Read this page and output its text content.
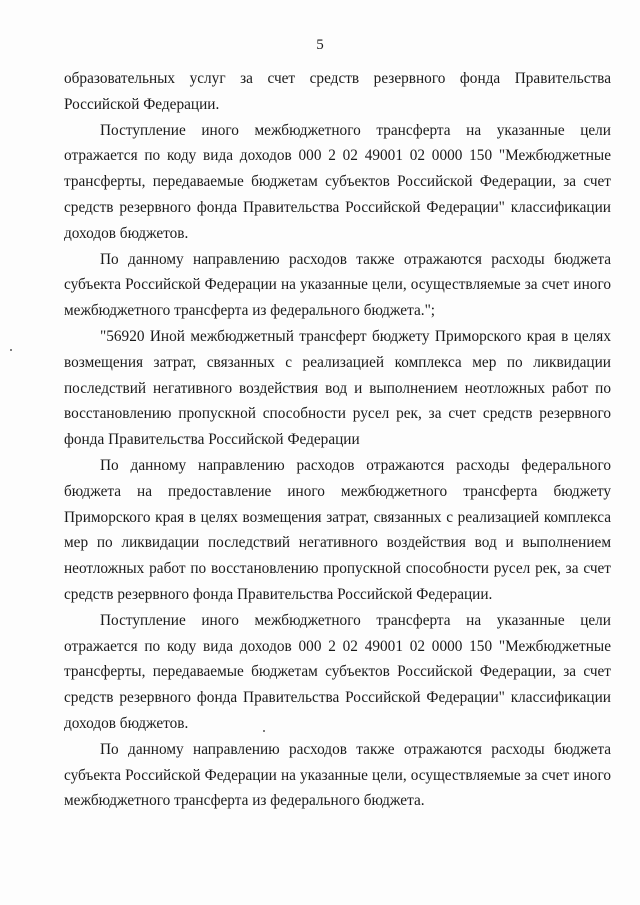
5

образовательных услуг за счет средств резервного фонда Правительства Российской Федерации.

Поступление иного межбюджетного трансферта на указанные цели отражается по коду вида доходов 000 2 02 49001 02 0000 150 "Межбюджетные трансферты, передаваемые бюджетам субъектов Российской Федерации, за счет средств резервного фонда Правительства Российской Федерации" классификации доходов бюджетов.

По данному направлению расходов также отражаются расходы бюджета субъекта Российской Федерации на указанные цели, осуществляемые за счет иного межбюджетного трансферта из федерального бюджета.";

"56920 Иной межбюджетный трансферт бюджету Приморского края в целях возмещения затрат, связанных с реализацией комплекса мер по ликвидации последствий негативного воздействия вод и выполнением неотложных работ по восстановлению пропускной способности русел рек, за счет средств резервного фонда Правительства Российской Федерации

По данному направлению расходов отражаются расходы федерального бюджета на предоставление иного межбюджетного трансферта бюджету Приморского края в целях возмещения затрат, связанных с реализацией комплекса мер по ликвидации последствий негативного воздействия вод и выполнением неотложных работ по восстановлению пропускной способности русел рек, за счет средств резервного фонда Правительства Российской Федерации.

Поступление иного межбюджетного трансферта на указанные цели отражается по коду вида доходов 000 2 02 49001 02 0000 150 "Межбюджетные трансферты, передаваемые бюджетам субъектов Российской Федерации, за счет средств резервного фонда Правительства Российской Федерации" классификации доходов бюджетов.

По данному направлению расходов также отражаются расходы бюджета субъекта Российской Федерации на указанные цели, осуществляемые за счет иного межбюджетного трансферта из федерального бюджета.
